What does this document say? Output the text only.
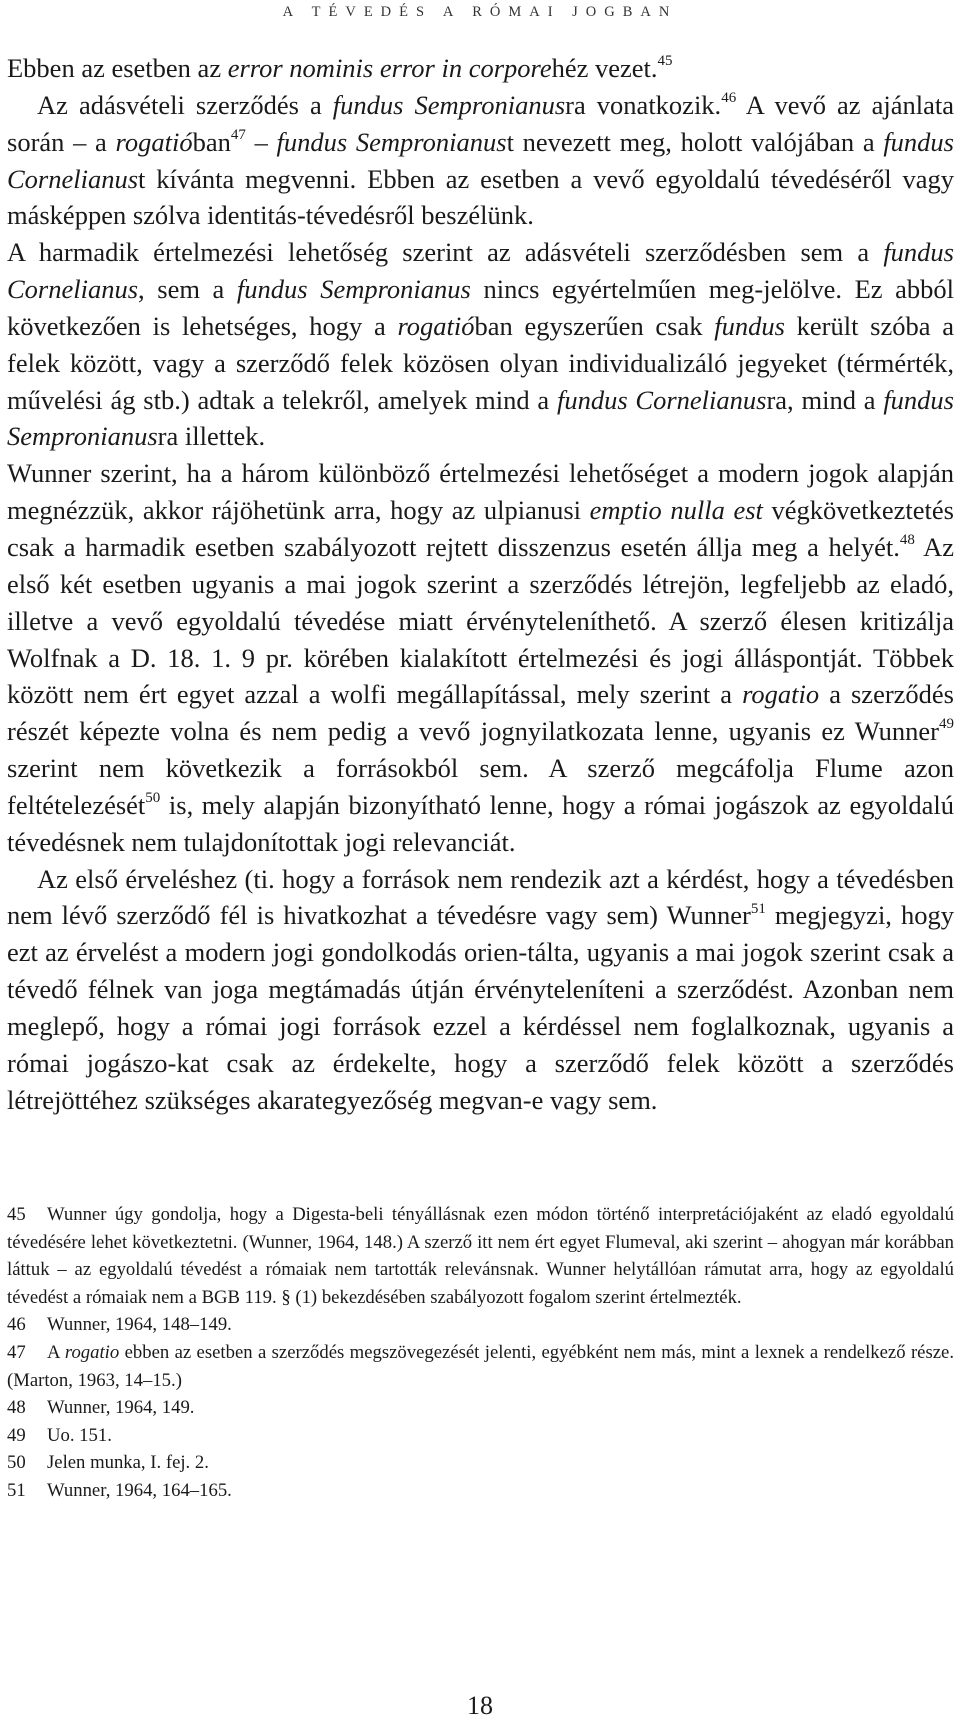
A TÉVEDÉS A RÓMAI JOGBAN

Ebben az esetben az error nominis error in corporehéz vezet.$^{45}$

Az adásvételi szerződés a fundus Sempronianusra vonatkozik.$^{46}$ A vevő az ajánlata során – a rogatióban$^{47}$ – fundus Sempronianust nevezett meg, holott valójában a fundus Cornelianust kívánta megvenni. Ebben az esetben a vevő egyoldalú tévedéséről vagy másképpen szólva identitás-tévedésről beszélünk.

A harmadik értelmezési lehetőség szerint az adásvételi szerződésben sem a fundus Cornelianus, sem a fundus Sempronianus nincs egyértelműen meg-jelölve. Ez abból következően is lehetséges, hogy a rogatióban egyszerűen csak fundus került szóba a felek között, vagy a szerződő felek közösen olyan individualizáló jegyeket (térmérték, művelési ág stb.) adtak a telekről, amelyek mind a fundus Cornelianusra, mind a fundus Sempronianusra illettek.

Wunner szerint, ha a három különböző értelmezési lehetőséget a modern jogok alapján megnézzük, akkor rájöhetünk arra, hogy az ulpianusi emptio nulla est végkövetkeztetés csak a harmadik esetben szabályozott rejtett disszenzus esetén állja meg a helyét.$^{48}$ Az első két esetben ugyanis a mai jogok szerint a szerződés létrejön, legfeljebb az eladó, illetve a vevő egyoldalú tévedése miatt érvényteleníthető. A szerző élesen kritizálja Wolfnak a D. 18. 1. 9 pr. körében kialakított értelmezési és jogi álláspontját. Többek között nem ért egyet azzal a wolfi megállapítással, mely szerint a rogatio a szerződés részét képezte volna és nem pedig a vevő jognyilatkozata lenne, ugyanis ez Wunner$^{49}$ szerint nem következik a forrásokból sem. A szerző megcáfolja Flume azon feltételezését$^{50}$ is, mely alapján bizonyítható lenne, hogy a római jogászok az egyoldalú tévedésnek nem tulajdonítottak jogi relevanciát.

Az első érveléshez (ti. hogy a források nem rendezik azt a kérdést, hogy a tévedésben nem lévő szerződő fél is hivatkozhat a tévedésre vagy sem) Wunner$^{51}$ megjegyzi, hogy ezt az érvelést a modern jogi gondolkodás orien-tálta, ugyanis a mai jogok szerint csak a tévedő félnek van joga megtámadás útján érvényteleníteni a szerződést. Azonban nem meglepő, hogy a római jogi források ezzel a kérdéssel nem foglalkoznak, ugyanis a római jogászo-kat csak az érdekelte, hogy a szerződő felek között a szerződés létrejöttéhez szükséges akarategyezőség megvan-e vagy sem.

45 Wunner úgy gondolja, hogy a Digesta-beli tényállásnak ezen módon történő interpretációjaként az eladó egyoldalú tévedésére lehet következtetni. (Wunner, 1964, 148.) A szerző itt nem ért egyet Flumeval, aki szerint – ahogyan már korábban láttuk – az egyoldalú tévedést a rómaiak nem tartották relevánsnak. Wunner helytállóan rámutat arra, hogy az egyoldalú tévedést a rómaiak nem a BGB 119. § (1) bekezdésében szabályozott fogalom szerint értelmezték.

46 Wunner, 1964, 148–149.

47 A rogatio ebben az esetben a szerződés megszövegezését jelenti, egyébként nem más, mint a lexnek a rendelkező része. (Marton, 1963, 14–15.)

48 Wunner, 1964, 149.

49 Uo. 151.

50 Jelen munka, I. fej. 2.

51 Wunner, 1964, 164–165.

18
